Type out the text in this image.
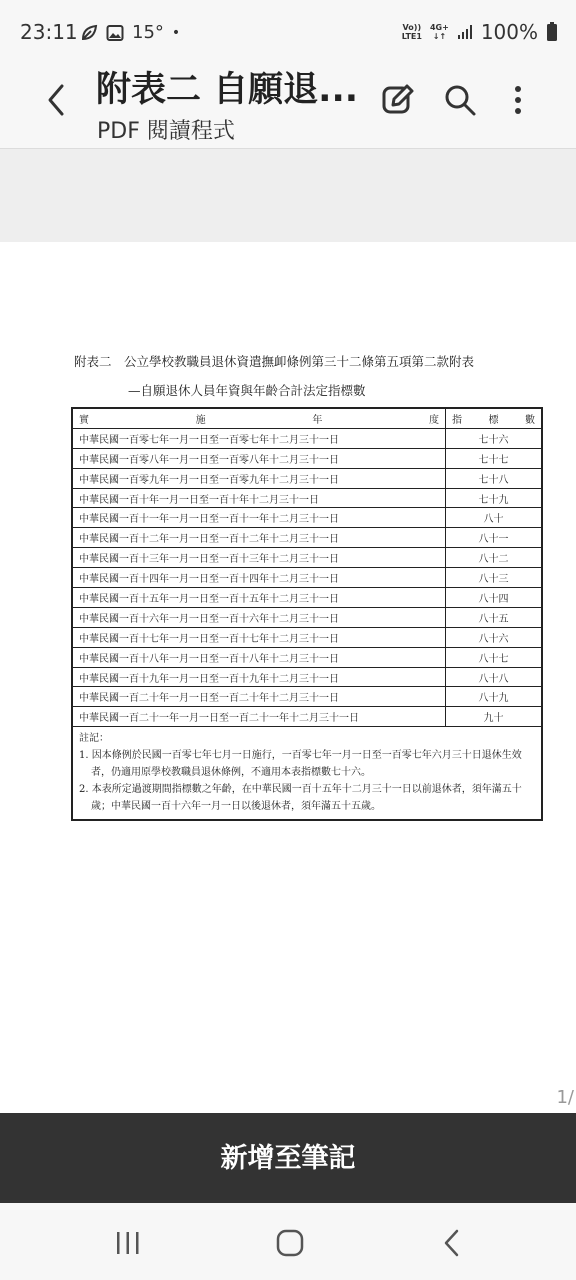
23:11	15° •	Vo))
LTE1
4G+
↓↑ 100%
附表二 自願退...
PDF 閱讀程式
附表二　公立學校教職員退休資遣撫卹條例第三十二條第五項第二款附表
—自願退休人員年資與年齡合計法定指標數
實　　施　　年　　度	指　標　數
中華民國一百零七年一月一日至一百零七年十二月三十一日	七十六
中華民國一百零八年一月一日至一百零八年十二月三十一日	七十七
中華民國一百零九年一月一日至一百零九年十二月三十一日	七十八
中華民國一百十年一月一日至一百十年十二月三十一日	七十九
中華民國一百十一年一月一日至一百十一年十二月三十一日	八十
中華民國一百十二年一月一日至一百十二年十二月三十一日	八十一
中華民國一百十三年一月一日至一百十三年十二月三十一日	八十二
中華民國一百十四年一月一日至一百十四年十二月三十一日	八十三
中華民國一百十五年一月一日至一百十五年十二月三十一日	八十四
中華民國一百十六年一月一日至一百十六年十二月三十一日	八十五
中華民國一百十七年一月一日至一百十七年十二月三十一日	八十六
中華民國一百十八年一月一日至一百十八年十二月三十一日	八十七
中華民國一百十九年一月一日至一百十九年十二月三十一日	八十八
中華民國一百二十年一月一日至一百二十年十二月三十一日	八十九
中華民國一百二十一年一月一日至一百二十一年十二月三十一日	九十

註記：
1. 因本條例於民國一百零七年七月一日施行，一百零七年一月一日至一百零七年六月三十日退休生效者，仍適用原學校教職員退休條例，不適用本表指標數七十六。
2. 本表所定過渡期間指標數之年齡，在中華民國一百十五年十二月三十一日以前退休者，須年滿五十歲；中華民國一百十六年一月一日以後退休者，須年滿五十五歲。	
1/
新增至筆記
